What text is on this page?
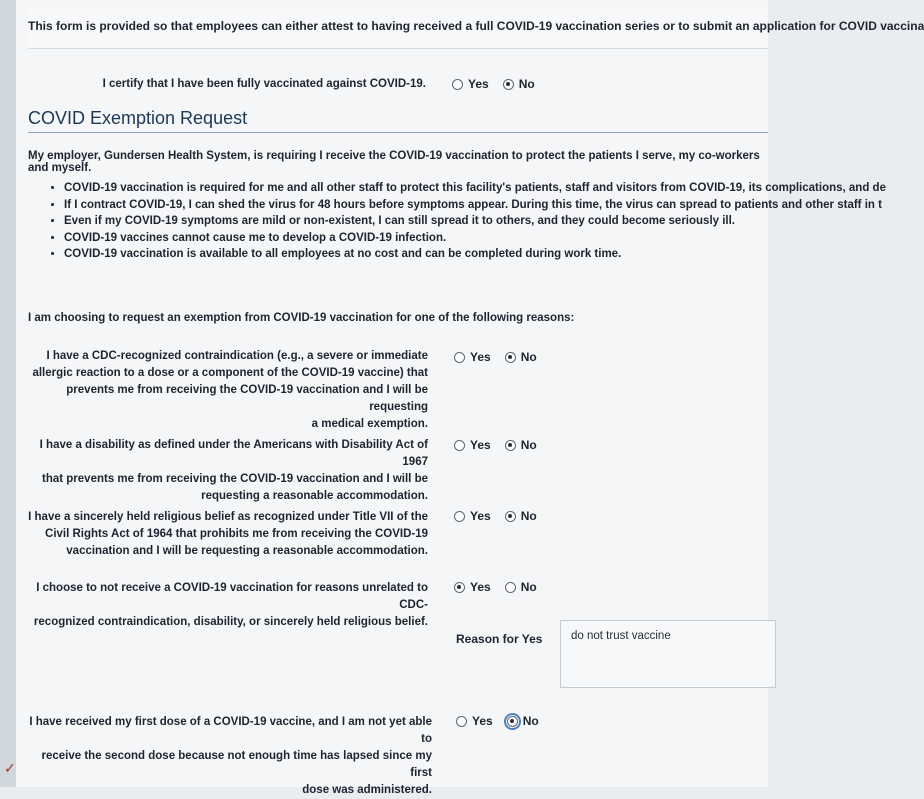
✓
This form is provided so that employees can either attest to having received a full COVID-19 vaccination series or to submit an application for COVID vaccina
I certify that I have been fully vaccinated against COVID-19.	Yes	No
COVID Exemption Request
My employer, Gundersen Health System, is requiring I receive the COVID-19 vaccination to protect the patients I serve, my co-workers and myself.
• COVID-19 vaccination is required for me and all other staff to protect this facility's patients, staff and visitors from COVID-19, its complications, and de
• If I contract COVID-19, I can shed the virus for 48 hours before symptoms appear. During this time, the virus can spread to patients and other staff in t
• Even if my COVID-19 symptoms are mild or non-existent, I can still spread it to others, and they could become seriously ill.
• COVID-19 vaccines cannot cause me to develop a COVID-19 infection.
• COVID-19 vaccination is available to all employees at no cost and can be completed during work time.
I am choosing to request an exemption from COVID-19 vaccination for one of the following reasons:
I have a CDC-recognized contraindication (e.g., a severe or immediate
allergic reaction to a dose or a component of the COVID-19 vaccine) that
prevents me from receiving the COVID-19 vaccination and I will be requesting
a medical exemption.
Yes	No
I have a disability as defined under the Americans with Disability Act of 1967
that prevents me from receiving the COVID-19 vaccination and I will be
requesting a reasonable accommodation.
Yes	No
I have a sincerely held religious belief as recognized under Title VII of the
Civil Rights Act of 1964 that prohibits me from receiving the COVID-19
vaccination and I will be requesting a reasonable accommodation.
Yes	No
I choose to not receive a COVID-19 vaccination for reasons unrelated to CDC-
recognized contraindication, disability, or sincerely held religious belief.
Yes	No
Reason for Yes	do not trust vaccine
I have received my first dose of a COVID-19 vaccine, and I am not yet able to
receive the second dose because not enough time has lapsed since my first
dose was administered.
Yes	No
